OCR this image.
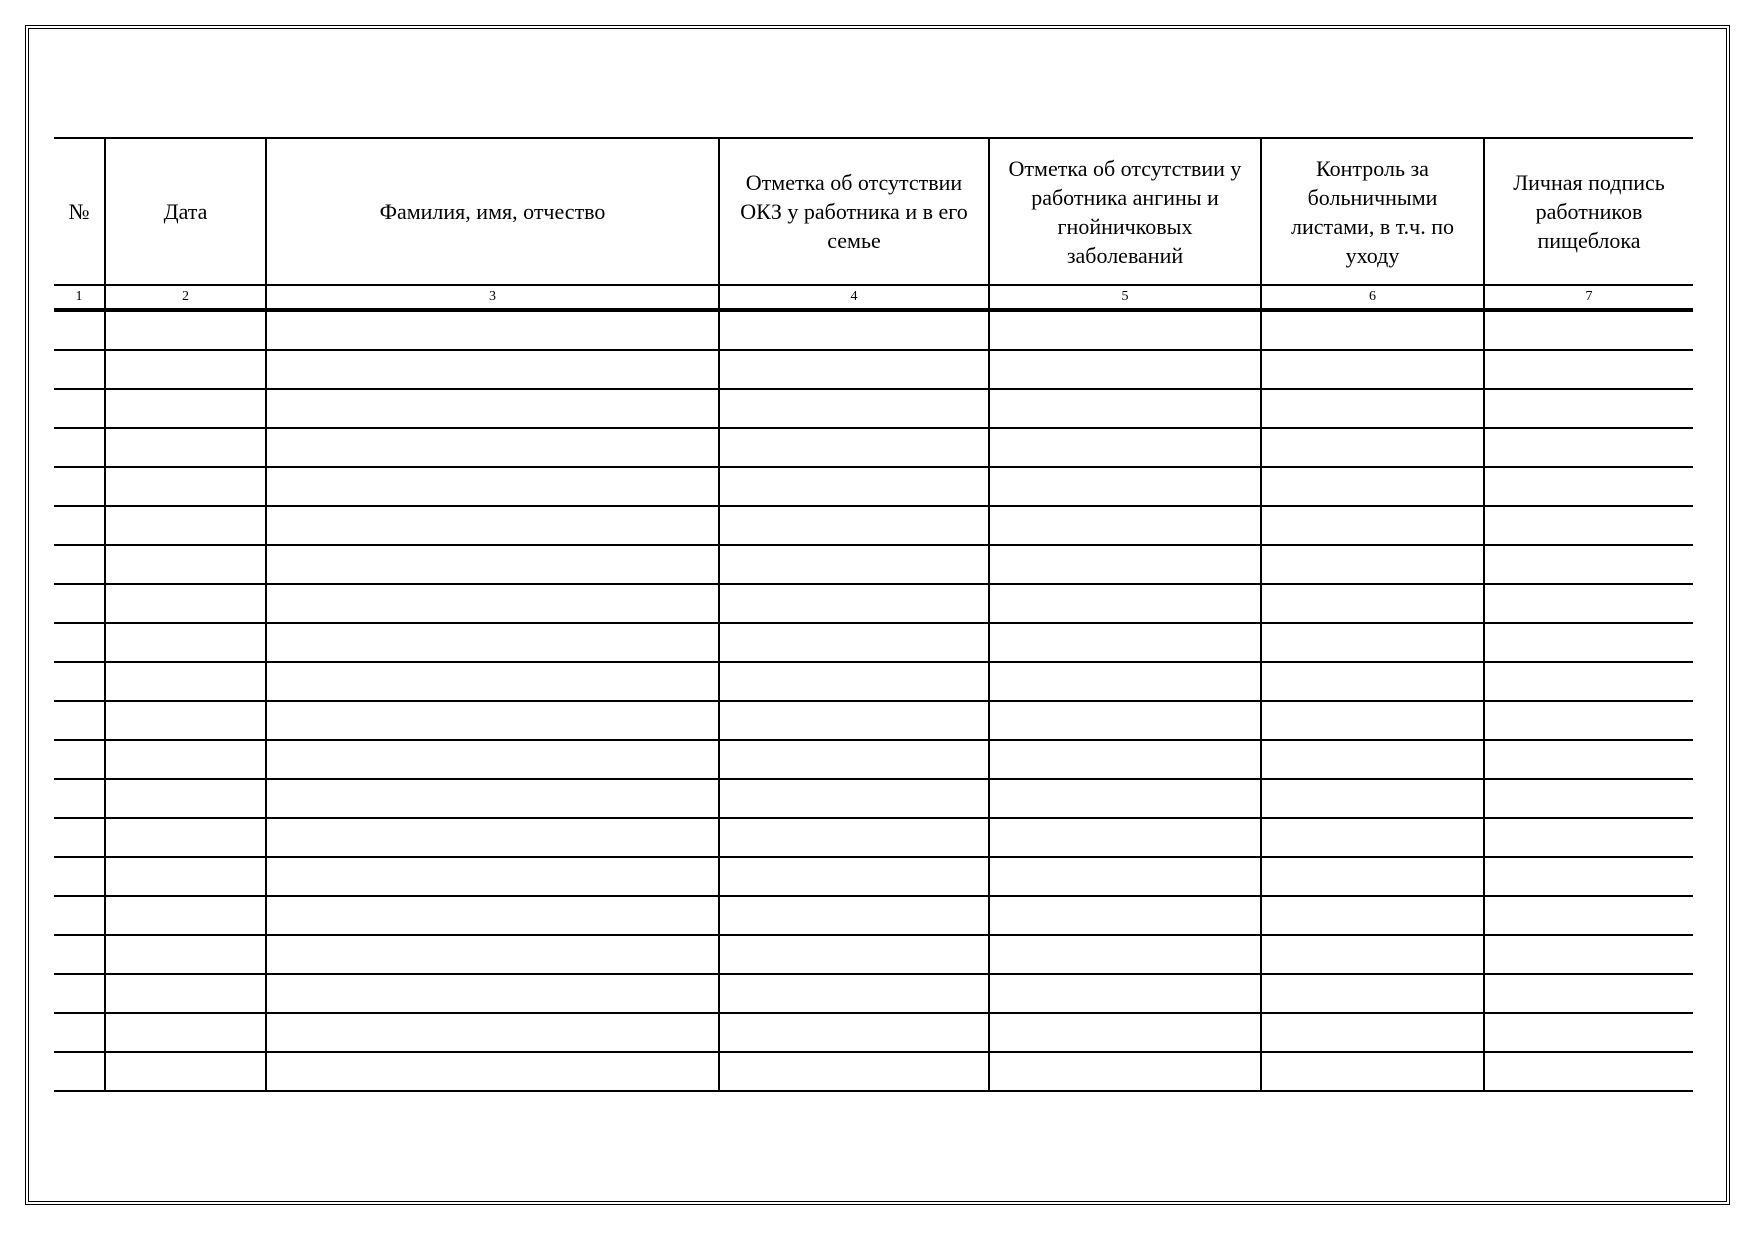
№	Дата	Фамилия, имя, отчество	Отметка об отсутствии ОКЗ у работника и в его семье	Отметка об отсутствии у работника ангины и гнойничковых заболеваний	Контроль за больничными листами, в т.ч. по уходу	Личная подпись работников пищеблока
1	2	3	4	5	6	7
